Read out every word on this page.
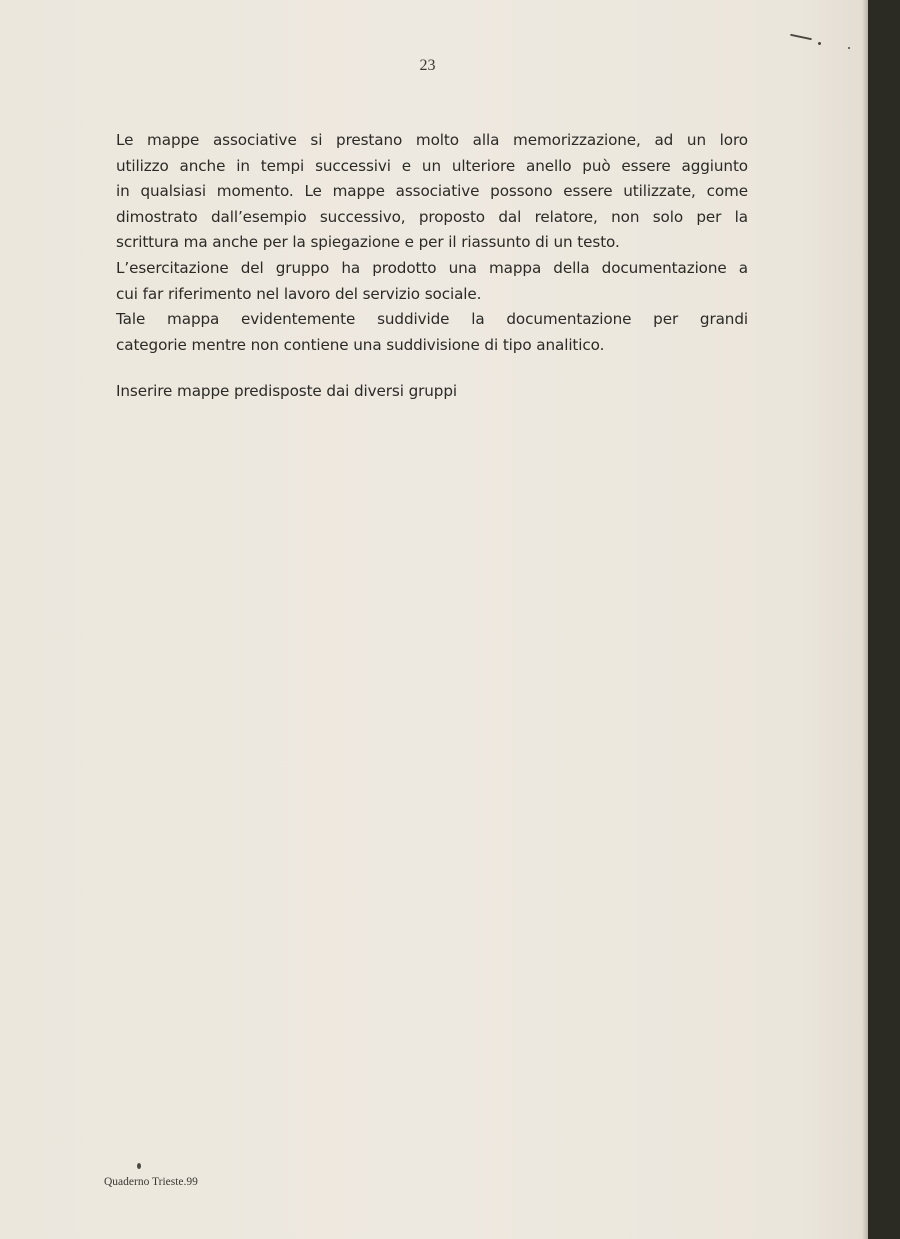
23
Le mappe associative si prestano molto alla memorizzazione, ad un loro
utilizzo anche in tempi successivi e un ulteriore anello può essere aggiunto
in qualsiasi momento. Le mappe associative possono essere utilizzate, come
dimostrato dall’esempio successivo, proposto dal relatore, non solo per la
scrittura ma anche per la spiegazione e per il riassunto di un testo.
L’esercitazione del gruppo ha prodotto una mappa della documentazione a
cui far riferimento nel lavoro del servizio sociale.
Tale mappa evidentemente suddivide la documentazione per grandi
categorie mentre non contiene una suddivisione di tipo analitico.
Inserire mappe predisposte dai diversi gruppi
Quaderno Trieste.99
